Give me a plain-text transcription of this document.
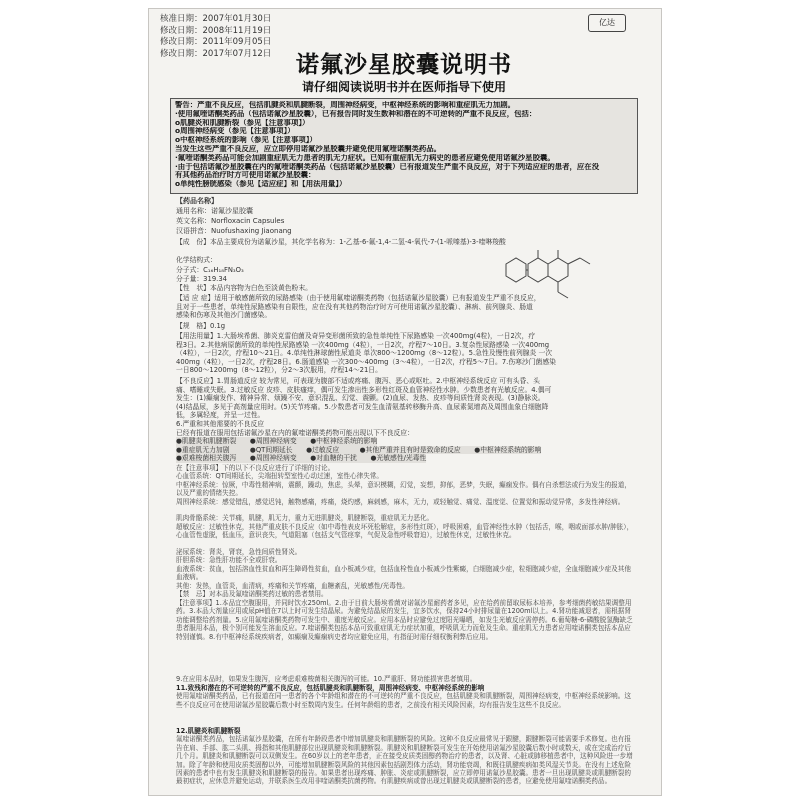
核准日期：2007年01月30日
修改日期：2008年11月19日
修改日期：2011年09月05日
修改日期：2017年07月12日
亿达
诺氟沙星胶囊说明书
请仔细阅读说明书并在医师指导下使用
警告：严重不良反应，包括肌腱炎和肌腱断裂，周围神经病变，中枢神经系统的影响和重症肌无力加剧。
·使用氟喹诺酮类药品（包括诺氟沙星胶囊），已有报告同时发生数种和潜在的不可逆转的严重不良反应，包括：
o肌腱炎和肌腱断裂（参见【注意事项】）
o周围神经病变（参见【注意事项】）
o中枢神经系统的影响（参见【注意事项】）
当发生这些严重不良反应，应立即停用诺氟沙星胶囊并避免使用氟喹诺酮类药品。
·氟喹诺酮类药品可能会加剧重症肌无力患者的肌无力症状。已知有重症肌无力病史的患者应避免使用诺氟沙星胶囊。
·由于包括诺氟沙星胶囊在内的氟喹诺酮类药品（包括诺氟沙星胶囊）已有报道发生严重不良反应，对于下列适应症的患者，应在没
有其他药品治疗时方可使用诺氟沙星胶囊：
o单纯性膀胱感染（参见【适应症】和【用法用量】）
【药品名称】
通用名称：诺氟沙星胶囊
英文名称：Norfloxacin Capsules
汉语拼音：Nuofushaxing Jiaonang
【成　份】本品主要成份为诺氟沙星，其化学名称为：1-乙基-6-氟-1,4-二氢-4-氧代-7-(1-哌嗪基)-3-喹啉羧酸
化学结构式：
分子式：C₁₆H₁₈FN₃O₃
分子量：319.34
【性　状】本品内容物为白色至淡黄色粉末。
【适 应 症】适用于敏感菌所致的尿路感染（由于使用氟喹诺酮类药物（包括诺氟沙星胶囊）已有报道发生严重不良反应，
且对于一些患者，单纯性尿路感染有自限性，应在没有其他药物治疗时方可使用诺氟沙星胶囊）、淋病、前列腺炎、肠道
感染和伤寒及其他沙门菌感染。
【规　格】0.1g
【用法用量】1.大肠埃希菌、肺炎克雷伯菌及奇异变形菌所致的急性单纯性下尿路感染 一次400mg(4粒)，一日2次，疗
程3日。2.其他病原菌所致的单纯性尿路感染 一次400mg（4粒），一日2次，疗程7～10日。3.复杂性尿路感染 一次400mg
（4粒），一日2次，疗程10～21日。4.单纯性淋球菌性尿道炎 单次800～1200mg（8～12粒）。5.急性及慢性前列腺炎 一次
400mg（4粒），一日2次，疗程28日。6.肠道感染 一次300～400mg（3～4粒），一日2次，疗程5～7日。7.伤寒沙门菌感染
一日800～1200mg（8～12粒），分2～3次服用，疗程14～21日。
【不良反应】1.胃肠道反应 较为常见，可表现为腹部不适或疼痛、腹泻、恶心或呕吐。2.中枢神经系统反应 可有头昏、头
痛、嗜睡或失眠。3.过敏反应 皮疹、皮肤瘙痒，偶可发生渗出性多形性红斑及血管神经性水肿。少数患者有光敏反应。4.偶可
发生：(1)癫痫发作、精神异常、烦躁不安、意识混乱、幻觉、震颤。(2)血尿、发热、皮疹等间质性肾炎表现。(3)静脉炎。
(4)结晶尿，多见于高剂量应用时。(5)关节疼痛。5.少数患者可发生血清氨基转移酶升高、血尿素氮增高及周围血象白细胞降
低，多属轻度，并呈一过性。
6.严重和其他需要的不良反应
已经有报道在服用包括诺氟沙星在内的氟喹诺酮类药物可能出现以下不良反应：
●肌腱炎和肌腱断裂　　●周围神经病变　　●中枢神经系统的影响
●重症肌无力加剧　　　●QT间期延长　　●过敏反应　　　●其他严重并且有时是致命的反应　　●中枢神经系统的影响
●艰难梭菌相关腹泻　　●周围神经病变　　●对血糖的干扰　　●光敏感性/光毒性
在【注意事项】下的以下不良反应进行了详细的讨论。
心血管系统：QT间期延长，尖端扭转型室性心动过速，室性心律失常。
中枢神经系统：惊厥，中毒性精神病，震颤，躁动，焦虑，头晕，意识模糊，幻觉，妄想，抑郁，恶梦，失眠，癫痫发作。偶有自杀想法或行为发生的报道，以及严重的情绪失控。
周围神经系统：感觉错乱，感觉迟钝，触物感痛，疼痛，烧灼感，麻刺感，麻木，无力，或轻触觉、痛觉、温度觉、位置觉和振动觉异常，多发性神经病。
肌肉骨骼系统：关节痛，肌腱，肌无力，重力无进肌腱炎，肌腱断裂，重症肌无力恶化。
超敏反应：过敏性休克，其他严重皮肤不良反应（如中毒性表皮坏死松解症，多形性红斑），呼吸困难，血管神经性水肿（包括舌，喉，咽或面部水肿/肿胀），心血管性虚脱，低血压，意识丧失，气道阻塞（包括支气管痉挛，气促及急性呼吸窘迫），过敏性休克，过敏性休克。
泌尿系统：肾炎，肾衰，急性间质性肾炎。
肝胆系统：急性肝功能不全或肝衰。
血液系统：贫血，包括溶血性贫血和再生障碍性贫血，血小板减少症，包括血栓性血小板减少性紫癜，白细胞减少症，粒细胞减少症，全血细胞减少症及其他血液病。
其他：发热，血管炎，血清病，疼痛和关节疼痛，血糖紊乱，光敏感性/光毒性。
【禁　忌】对本品及氟喹诺酮类药过敏的患者禁用。
【注意事项】1.本品宜空腹服用，并同时饮水250ml。2.由于目前大肠埃希菌对诺氟沙星耐药者多见，应在给药前留取尿标本培养，参考细菌药敏结果调整用药。3.本品大剂量应用或尿pH值在7以上时可发生结晶尿。为避免结晶尿的发生，宜多饮水，保持24小时排尿量在1200ml以上。4.肾功能减退者，需根据肾功能调整给药剂量。5.应用氟喹诺酮类药物可发生中、重度光敏反应。应用本品时应避免过度阳光曝晒，如发生光敏反应需停药。6.葡萄糖-6-磷酸脱氢酶缺乏患者服用本品，极个别可能发生溶血反应。7.喹诺酮类包括本品可致重症肌无力症状加重，呼吸肌无力而危及生命。重症肌无力患者应用喹诺酮类包括本品应特别谨慎。8.有中枢神经系统疾病者，如癫痫及癫痫病史者均应避免应用，有指征时需仔细权衡利弊后应用。
9.在应用本品时，如果发生腹泻，应考虑艰难梭菌相关腹泻的可能。10.严重肝、肾功能损害患者慎用。
11.致残和潜在的不可逆转的严重不良反应，包括肌腱炎和肌腱断裂，周围神经病变、中枢神经系统的影响
使用氟喹诺酮类药品，已有报道在同一患者的各个年龄组和潜在的不可逆转的严重不良反应，包括肌腱炎和肌腱断裂，周围神经病变，中枢神经系统影响。这些不良反应可在使用诺氟沙星胶囊后数小时至数周内发生。任何年龄组的患者，之前没有相关风险因素，均有报告发生这些不良反应。
12.肌腱炎和肌腱断裂
氟喹诺酮类药品，包括诺氟沙星胶囊，在所有年龄段患者中增加肌腱炎和肌腱断裂的风险。这种不良反应最常见于跟腱，跟腱断裂可能需要手术修复。也有报告在肩、手部、肱二头肌、拇指和其他肌腱部位出现肌腱炎和肌腱断裂。肌腱炎和肌腱断裂可发生在开始使用诺氟沙星胶囊后数小时或数天，或在完成治疗后几个月。肌腱炎和肌腱断裂可以双侧发生。在60岁以上的老年患者，正在接受皮质类固醇药物治疗的患者，以及肾、心脏或肺移植患者中，这种风险进一步增加。除了年龄和使用皮质类固醇以外，可能增加肌腱断裂风险的其他因素包括剧烈体力活动，肾功能衰竭，和既往肌腱疾病如类风湿关节炎。在没有上述危险因素的患者中也有发生肌腱炎和肌腱断裂的报告。如果患者出现疼痛、肿胀、炎症或肌腱断裂，应立即停用诺氟沙星胶囊。患者一旦出现肌腱炎或肌腱断裂的最初症状，应休息并避免运动，并联系医生改用非喹诺酮类抗菌药物。有肌腱疾病或曾出现过肌腱炎或肌腱断裂的患者，应避免使用氟喹诺酮类药品。
